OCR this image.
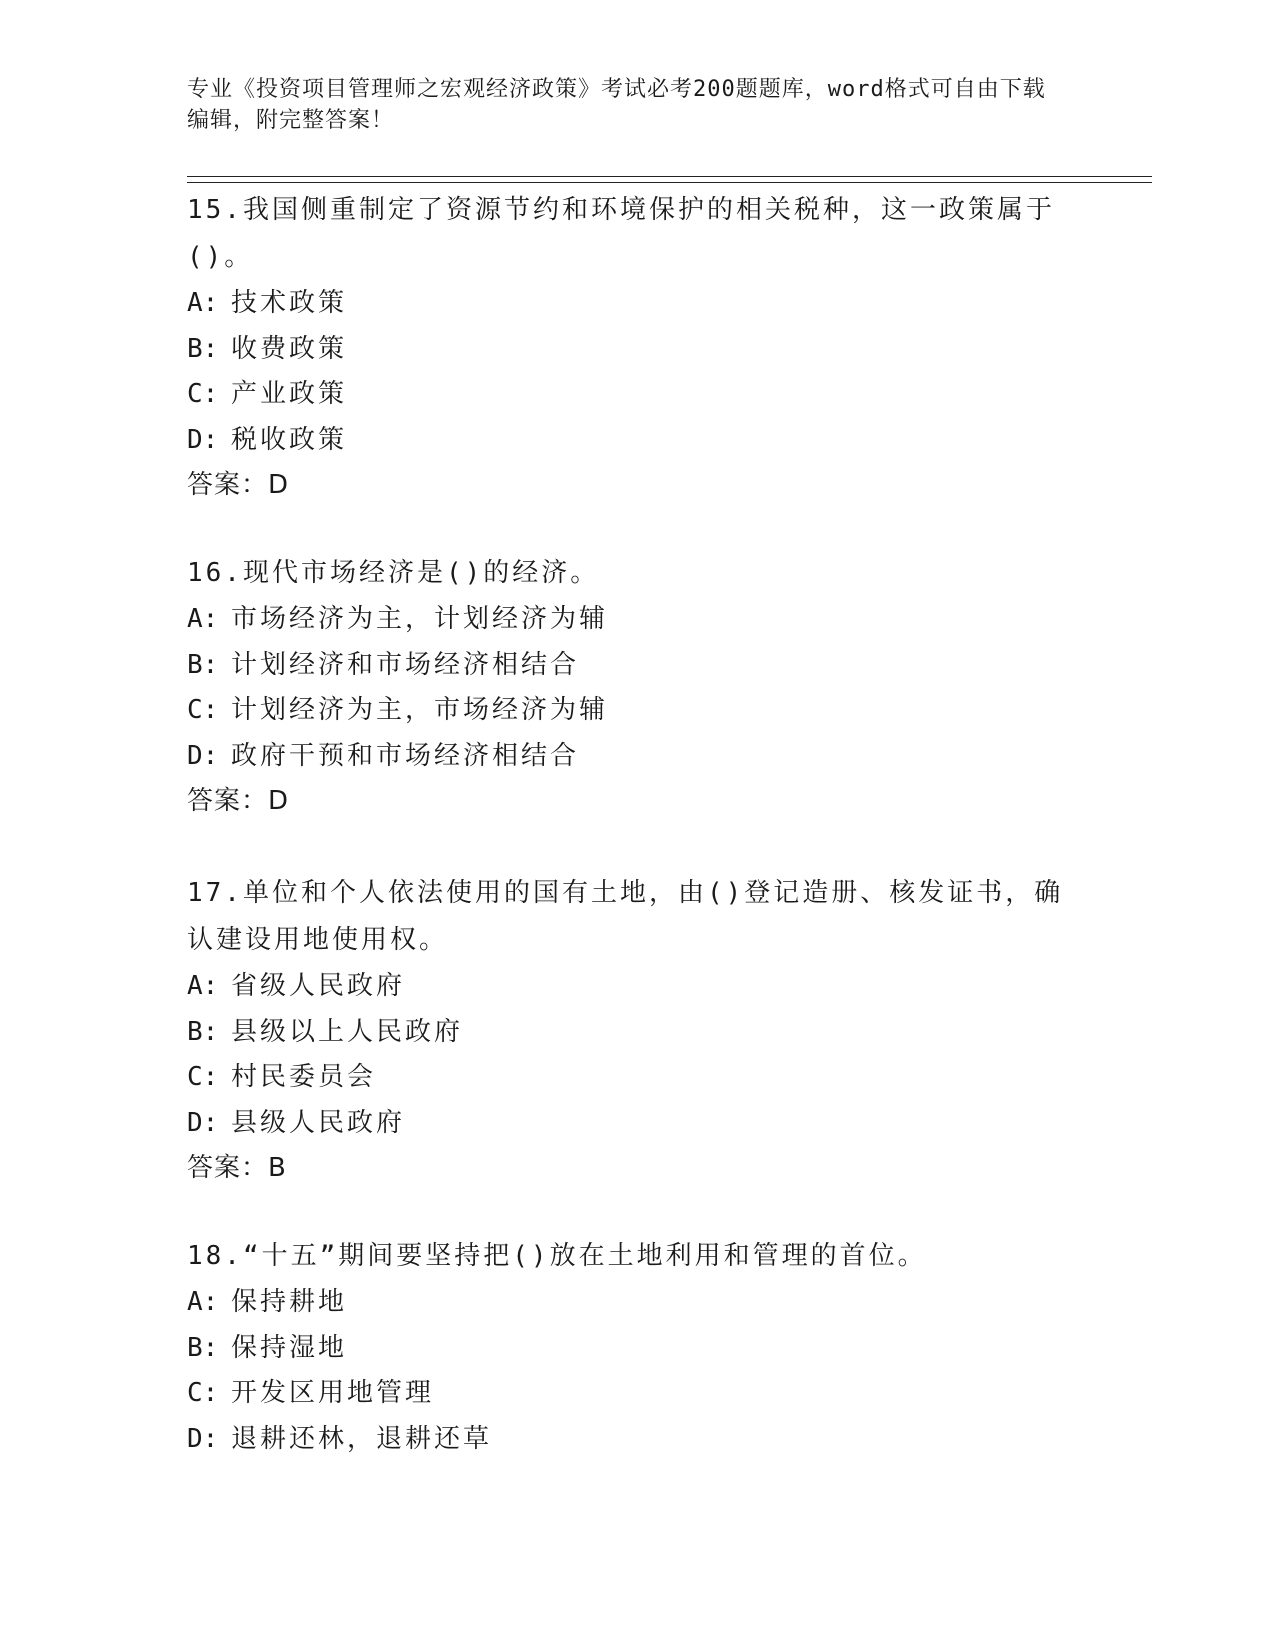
专业《投资项目管理师之宏观经济政策》考试必考200题题库，word格式可自由下载编辑，附完整答案！

15.我国侧重制定了资源节约和环境保护的相关税种，这一政策属于()。

A: 技术政策
B: 收费政策
C: 产业政策
D: 税收政策
答案：D

16.现代市场经济是()的经济。

A: 市场经济为主，计划经济为辅
B: 计划经济和市场经济相结合
C: 计划经济为主，市场经济为辅
D: 政府干预和市场经济相结合
答案：D

17.单位和个人依法使用的国有土地，由()登记造册、核发证书，确认建设用地使用权。

A: 省级人民政府
B: 县级以上人民政府
C: 村民委员会
D: 县级人民政府
答案：B

18.“十五”期间要坚持把()放在土地利用和管理的首位。

A: 保持耕地
B: 保持湿地
C: 开发区用地管理
D: 退耕还林，退耕还草
